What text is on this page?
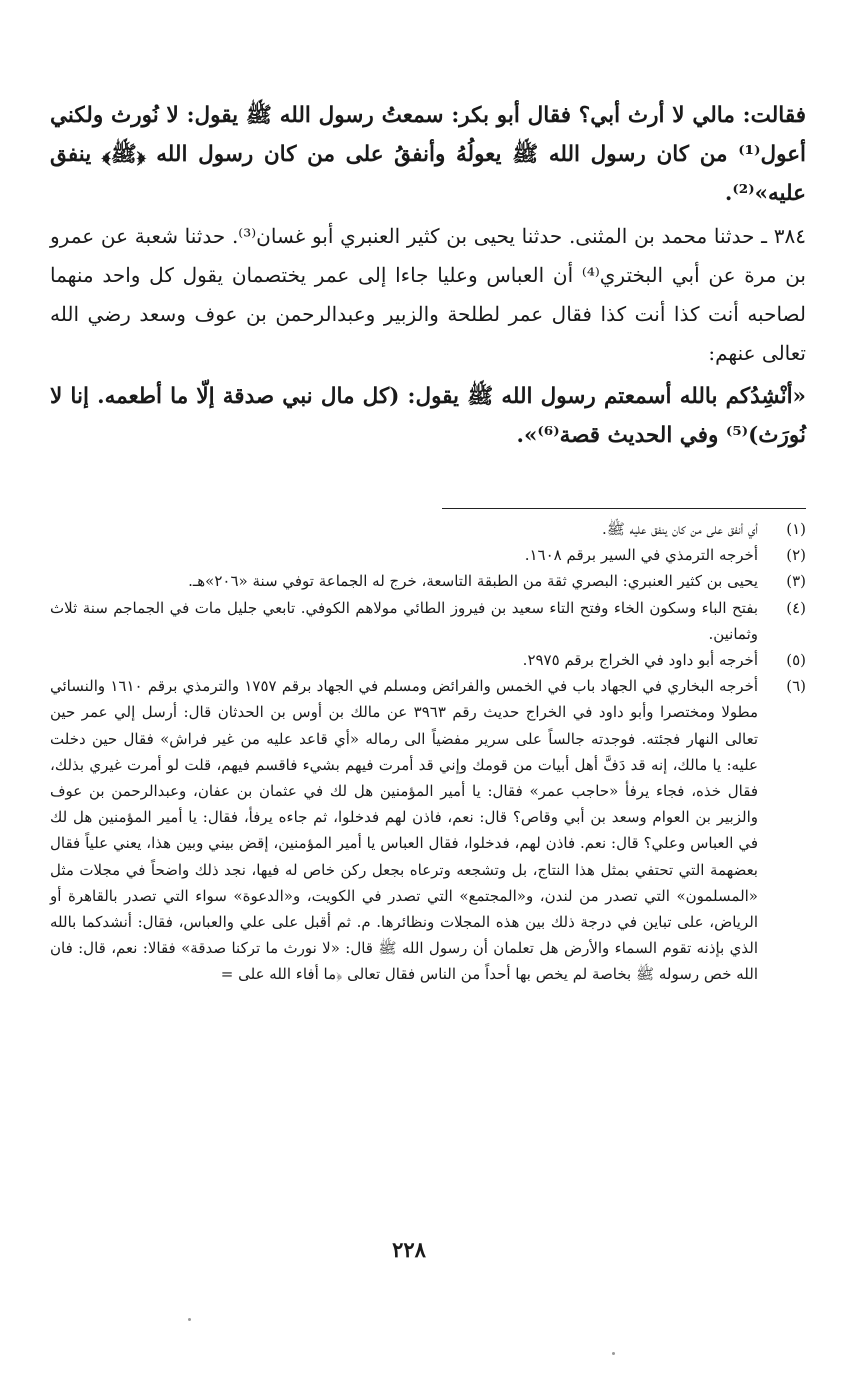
فقالت: مالي لا أرث أبي؟ فقال أبو بكر: سمعتُ رسول الله ﷺ يقول: لا نُورث ولكني أعول⁽¹⁾ من كان رسول الله ﷺ يعولُهُ وأنفقُ على من كان رسول الله ﴿ﷺ﴾ ينفق عليه»⁽²⁾.

٣٨٤ ـ حدثنا محمد بن المثنى. حدثنا يحيى بن كثير العنبري أبو غسان⁽³⁾. حدثنا شعبة عن عمرو بن مرة عن أبي البختري⁽⁴⁾ أن العباس وعليا جاءا إلى عمر يختصمان يقول كل واحد منهما لصاحبه أنت كذا أنت كذا فقال عمر لطلحة والزبير وعبدالرحمن بن عوف وسعد رضي الله تعالى عنهم:

«أنْشِدُكم بالله أسمعتم رسول الله ﷺ يقول: (كل مال نبي صدقة إلّا ما أطعمه. إنا لا نُورَث)⁽⁵⁾ وفي الحديث قصة⁽⁶⁾».

(١)
أي أنفق على من كان ينفق عليه ﷺ.
(٢)
أخرجه الترمذي في السير برقم ١٦٠٨.
(٣)
يحيى بن كثير العنبري: البصري ثقة من الطبقة التاسعة، خرج له الجماعة توفي سنة «٢٠٦»هـ.
(٤)
بفتح الباء وسكون الخاء وفتح التاء سعيد بن فيروز الطائي مولاهم الكوفي. تابعي جليل مات في الجماجم سنة ثلاث وثمانين.
(٥)
أخرجه أبو داود في الخراج برقم ٢٩٧٥.
(٦)
أخرجه البخاري في الجهاد باب في الخمس والفرائض ومسلم في الجهاد برقم ١٧٥٧ والترمذي برقم ١٦١٠ والنسائي مطولا ومختصرا وأبو داود في الخراج حديث رقم ٣٩٦٣ عن مالك بن أوس بن الحدثان قال: أرسل إلي عمر حين تعالى النهار فجئته. فوجدته جالساً على سرير مفضياً الى رماله «أي قاعد عليه من غير فراش» فقال حين دخلت عليه: يا مالك، إنه قد دَفَّ أهل أبيات من قومك وإني قد أمرت فيهم بشيء فاقسم فيهم، قلت لو أمرت غيري بذلك، فقال خذه، فجاء يرفأ «حاجب عمر» فقال: يا أمير المؤمنين هل لك في عثمان بن عفان، وعبدالرحمن بن عوف والزبير بن العوام وسعد بن أبي وقاص؟ قال: نعم، فاذن لهم فدخلوا، ثم جاءه يرفأ، فقال: يا أمير المؤمنين هل لك في العباس وعلي؟ قال: نعم. فاذن لهم، فدخلوا، فقال العباس يا أمير المؤمنين، إقض بيني وبين هذا، يعني علياً فقال بعضهمة التي تحتفي بمثل هذا النتاج، بل وتشجعه وترعاه بجعل ركن خاص له فيها، نجد ذلك واضحاً في مجلات مثل «المسلمون» التي تصدر من لندن، و«المجتمع» التي تصدر في الكويت، و«الدعوة» سواء التي تصدر بالقاهرة أو الرياض، على تباين في درجة ذلك بين هذه المجلات ونظائرها. م. ثم أقبل على علي والعباس، فقال: أنشدكما بالله الذي بإذنه تقوم السماء والأرض هل تعلمان أن رسول الله ﷺ قال: «لا نورث ما تركنا صدقة» فقالا: نعم، قال: فان الله خص رسوله ﷺ بخاصة لم يخص بها أحداً من الناس فقال تعالى ﴿ما أفاء الله على =
٢٢٨
